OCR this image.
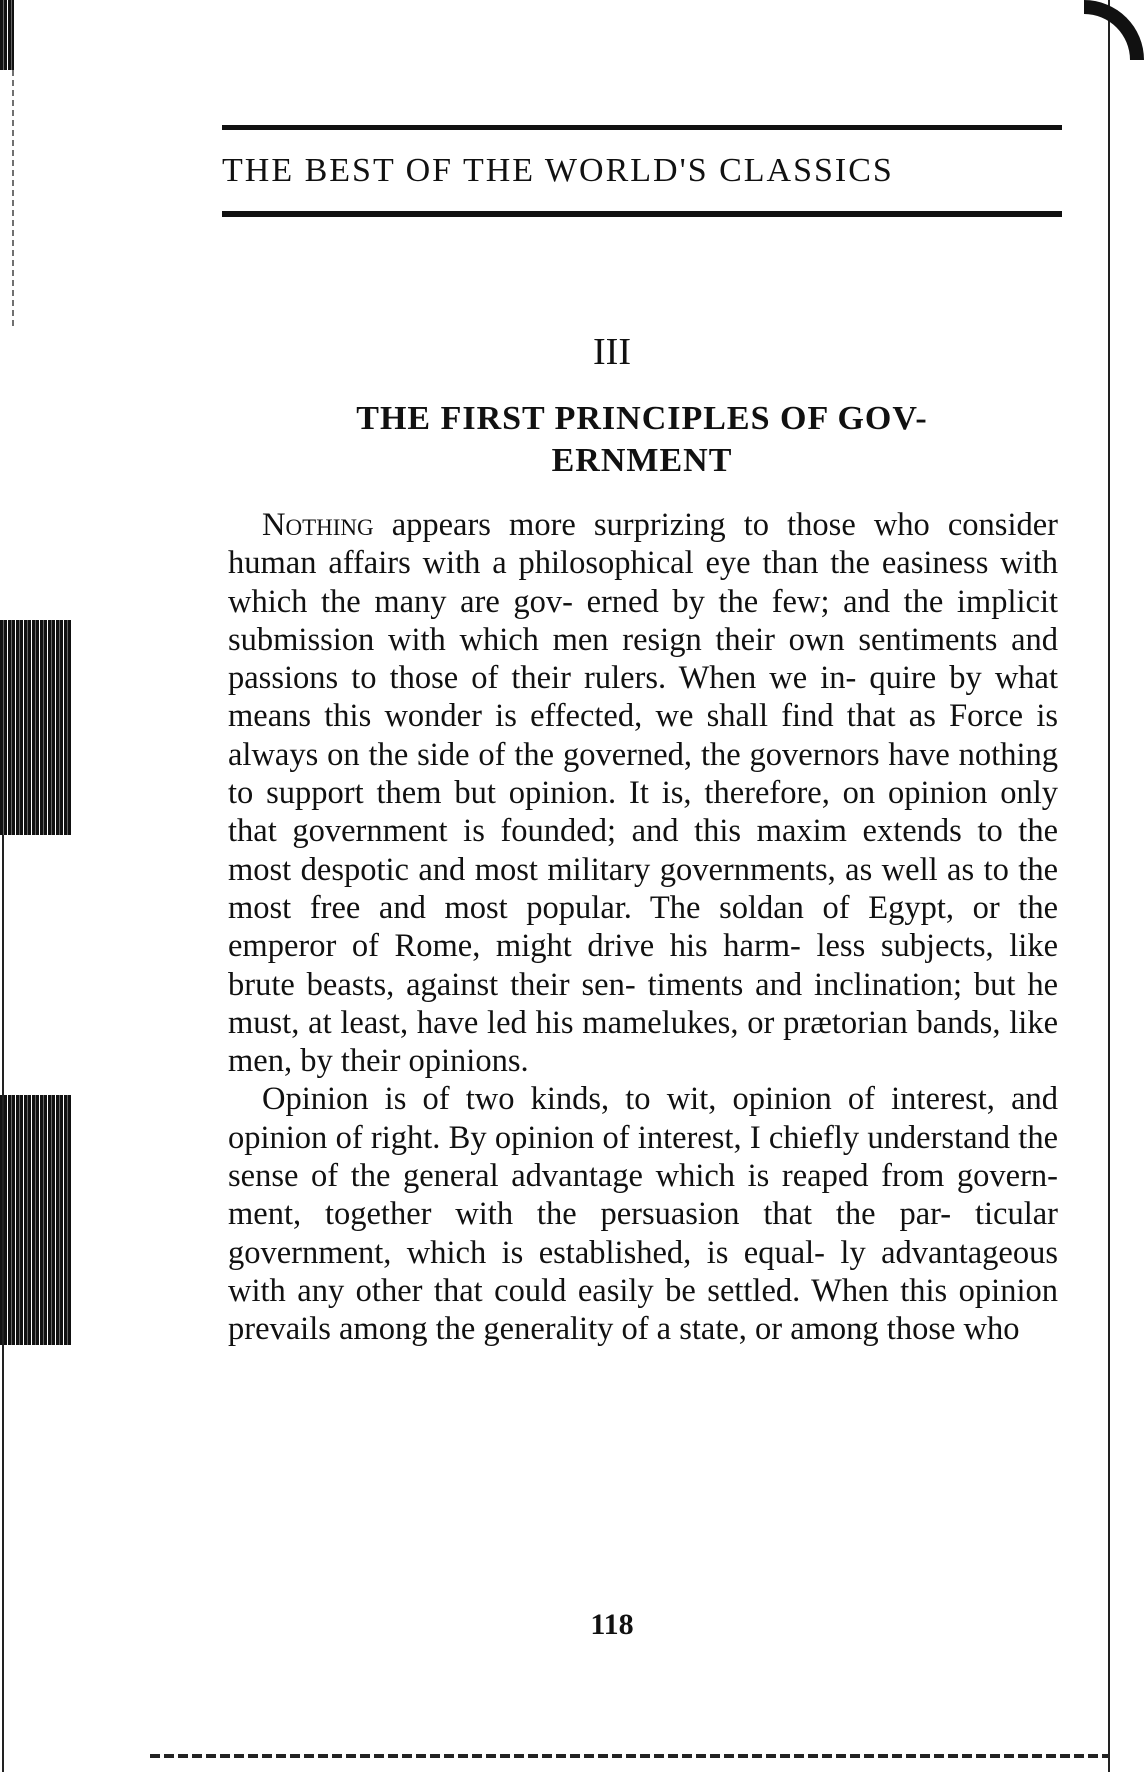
THE BEST OF THE WORLD'S CLASSICS
III
THE FIRST PRINCIPLES OF GOV-
ERNMENT

Nothing appears more surprizing to those who consider human affairs with a philosophical eye than the easiness with which the many are gov- erned by the few; and the implicit submission with which men resign their own sentiments and passions to those of their rulers. When we in- quire by what means this wonder is effected, we shall find that as Force is always on the side of the governed, the governors have nothing to support them but opinion. It is, therefore, on opinion only that government is founded; and this maxim extends to the most despotic and most military governments, as well as to the most free and most popular. The soldan of Egypt, or the emperor of Rome, might drive his harm- less subjects, like brute beasts, against their sen- timents and inclination; but he must, at least, have led his mamelukes, or prætorian bands, like men, by their opinions.

Opinion is of two kinds, to wit, opinion of interest, and opinion of right. By opinion of interest, I chiefly understand the sense of the general advantage which is reaped from govern- ment, together with the persuasion that the par- ticular government, which is established, is equal- ly advantageous with any other that could easily be settled. When this opinion prevails among the generality of a state, or among those who

118
